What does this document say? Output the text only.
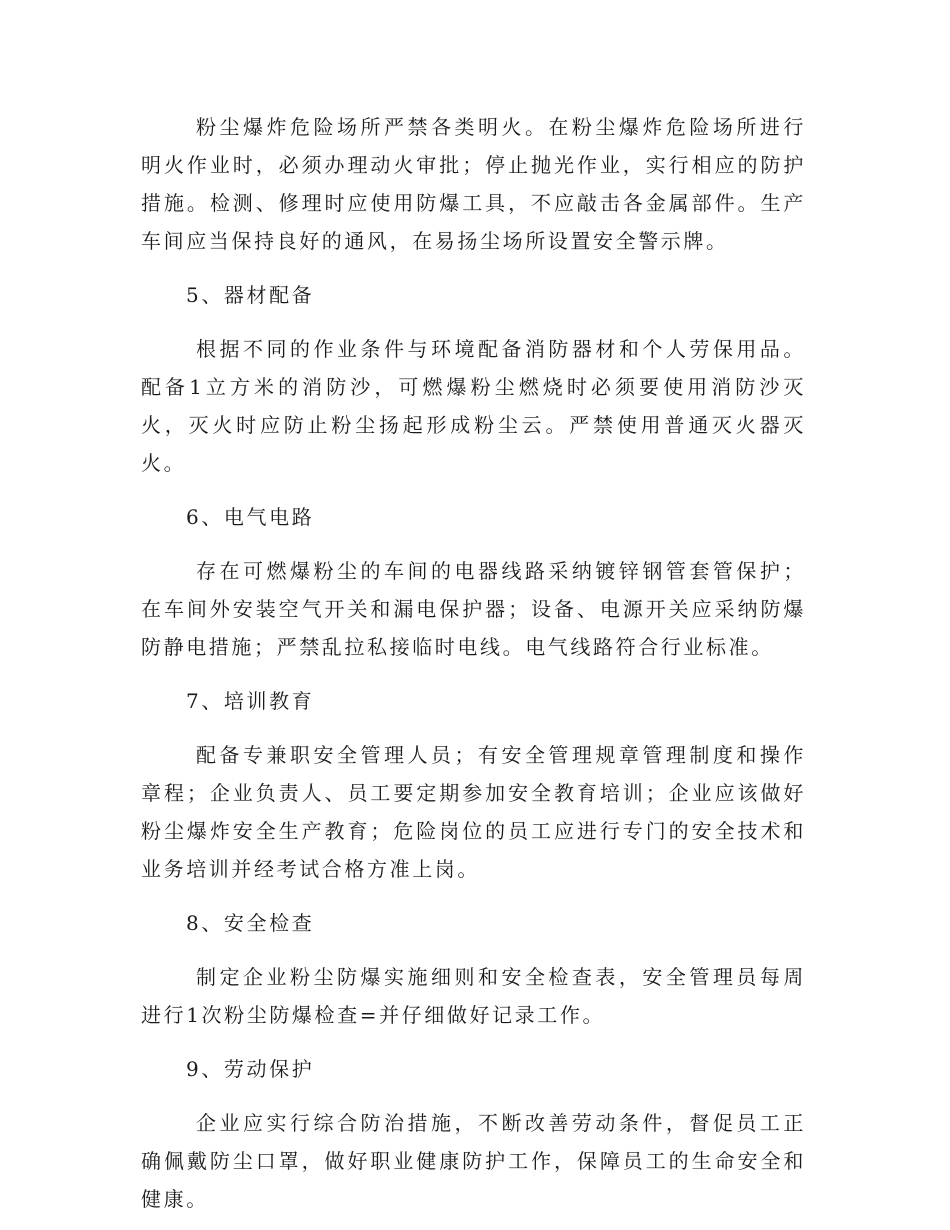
粉尘爆炸危险场所严禁各类明火。在粉尘爆炸危险场所进行明火作业时，必须办理动火审批；停止抛光作业，实行相应的防护措施。检测、修理时应使用防爆工具，不应敲击各金属部件。生产车间应当保持良好的通风，在易扬尘场所设置安全警示牌。

5、器材配备

根据不同的作业条件与环境配备消防器材和个人劳保用品。配备1立方米的消防沙，可燃爆粉尘燃烧时必须要使用消防沙灭火，灭火时应防止粉尘扬起形成粉尘云。严禁使用普通灭火器灭火。

6、电气电路

存在可燃爆粉尘的车间的电器线路采纳镀锌钢管套管保护；在车间外安装空气开关和漏电保护器；设备、电源开关应采纳防爆防静电措施；严禁乱拉私接临时电线。电气线路符合行业标准。

7、培训教育

配备专兼职安全管理人员；有安全管理规章管理制度和操作章程；企业负责人、员工要定期参加安全教育培训；企业应该做好粉尘爆炸安全生产教育；危险岗位的员工应进行专门的安全技术和业务培训并经考试合格方准上岗。

8、安全检查

制定企业粉尘防爆实施细则和安全检查表，安全管理员每周进行1次粉尘防爆检查=并仔细做好记录工作。

9、劳动保护

企业应实行综合防治措施，不断改善劳动条件，督促员工正确佩戴防尘口罩，做好职业健康防护工作，保障员工的生命安全和健康。
